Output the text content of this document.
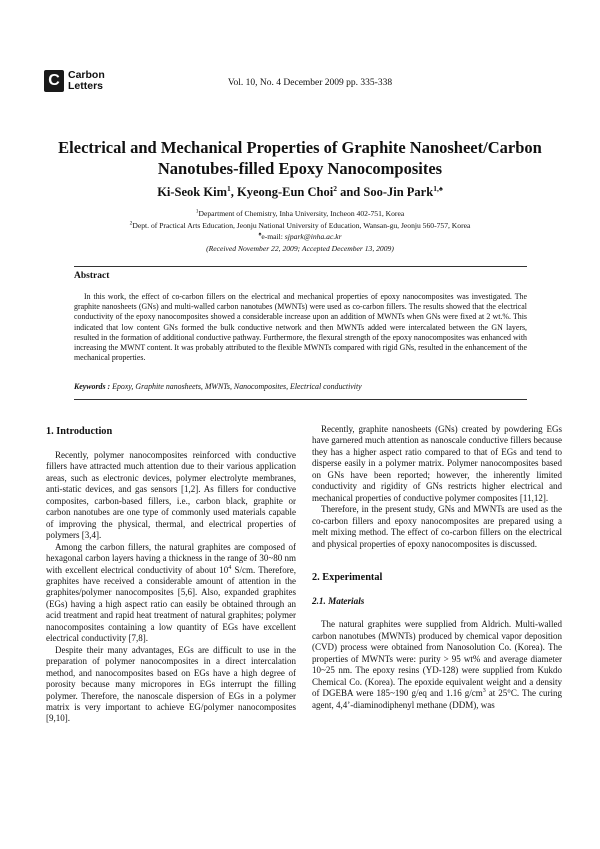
C Carbon
Letters	Vol. 10, No. 4 December 2009 pp. 335-338
Electrical and Mechanical Properties of Graphite Nanosheet/Carbon
Nanotubes-filled Epoxy Nanocomposites
Ki-Seok Kim$^1$, Kyeong-Eun Choi$^2$ and Soo-Jin Park$^{1,♠}$
$^1$Department of Chemistry, Inha University, Incheon 402-751, Korea
$^2$Dept. of Practical Arts Education, Jeonju National University of Education, Wansan-gu, Jeonju 560-757, Korea
♠e-mail: sjpark@inha.ac.kr
(Received November 22, 2009; Accepted December 13, 2009)
Abstract
In this work, the effect of co-carbon fillers on the electrical and mechanical properties of epoxy nanocomposites was investigated. The graphite nanosheets (GNs) and multi-walled carbon nanotubes (MWNTs) were used as co-carbon fillers. The results showed that the electrical conductivity of the epoxy nanocomposites showed a considerable increase upon an addition of MWNTs when GNs were fixed at 2 wt.%. This indicated that low content GNs formed the bulk conductive network and then MWNTs added were intercalated between the GN layers, resulted in the formation of additional conductive pathway. Furthermore, the flexural strength of the epoxy nanocomposites was enhanced with increasing the MWNT content. It was probably attributed to the flexible MWNTs compared with rigid GNs, resulted in the enhancement of the mechanical properties.
Keywords : Epoxy, Graphite nanosheets, MWNTs, Nanocomposites, Electrical conductivity
1. Introduction

Recently, polymer nanocomposites reinforced with conductive fillers have attracted much attention due to their various application areas, such as electronic devices, polymer electrolyte membranes, anti-static devices, and gas sensors [1,2]. As fillers for conductive composites, carbon-based fillers, i.e., carbon black, graphite or carbon nanotubes are one type of commonly used materials capable of improving the physical, thermal, and electrical properties of polymers [3,4].

Among the carbon fillers, the natural graphites are composed of hexagonal carbon layers having a thickness in the range of 30~80 nm with excellent electrical conductivity of about $10^4$ S/cm. Therefore, graphites have received a considerable amount of attention in the graphites/polymer nanocomposites [5,6]. Also, expanded graphites (EGs) having a high aspect ratio can easily be obtained through an acid treatment and rapid heat treatment of natural graphites; polymer nanocomposites containing a low quantity of EGs have excellent electrical conductivity [7,8].

Despite their many advantages, EGs are difficult to use in the preparation of polymer nanocomposites in a direct intercalation method, and nanocomposites based on EGs have a high degree of porosity because many micropores in EGs interrupt the filling polymer. Therefore, the nanoscale dispersion of EGs in a polymer matrix is very important to achieve EG/polymer nanocomposites [9,10].

Recently, graphite nanosheets (GNs) created by powdering EGs have garnered much attention as nanoscale conductive fillers because they has a higher aspect ratio compared to that of EGs and tend to disperse easily in a polymer matrix. Polymer nanocomposites based on GNs have been reported; however, the inherently limited conductivity and rigidity of GNs restricts higher electrical and mechanical properties of conductive polymer composites [11,12].

Therefore, in the present study, GNs and MWNTs are used as the co-carbon fillers and epoxy nanocomposites are prepared using a melt mixing method. The effect of co-carbon fillers on the electrical and physical properties of epoxy nanocomposites is discussed.

2. Experimental
2.1. Materials

The natural graphites were supplied from Aldrich. Multi-walled carbon nanotubes (MWNTs) produced by chemical vapor deposition (CVD) process were obtained from Nanosolution Co. (Korea). The properties of MWNTs were: purity > 95 wt% and average diameter 10~25 nm. The epoxy resins (YD-128) were supplied from Kukdo Chemical Co. (Korea). The epoxide equivalent weight and a density of DGEBA were 185~190 g/eq and 1.16 $g/cm^3$ at 25°C. The curing agent, 4,4’-diaminodiphenyl methane (DDM), was
